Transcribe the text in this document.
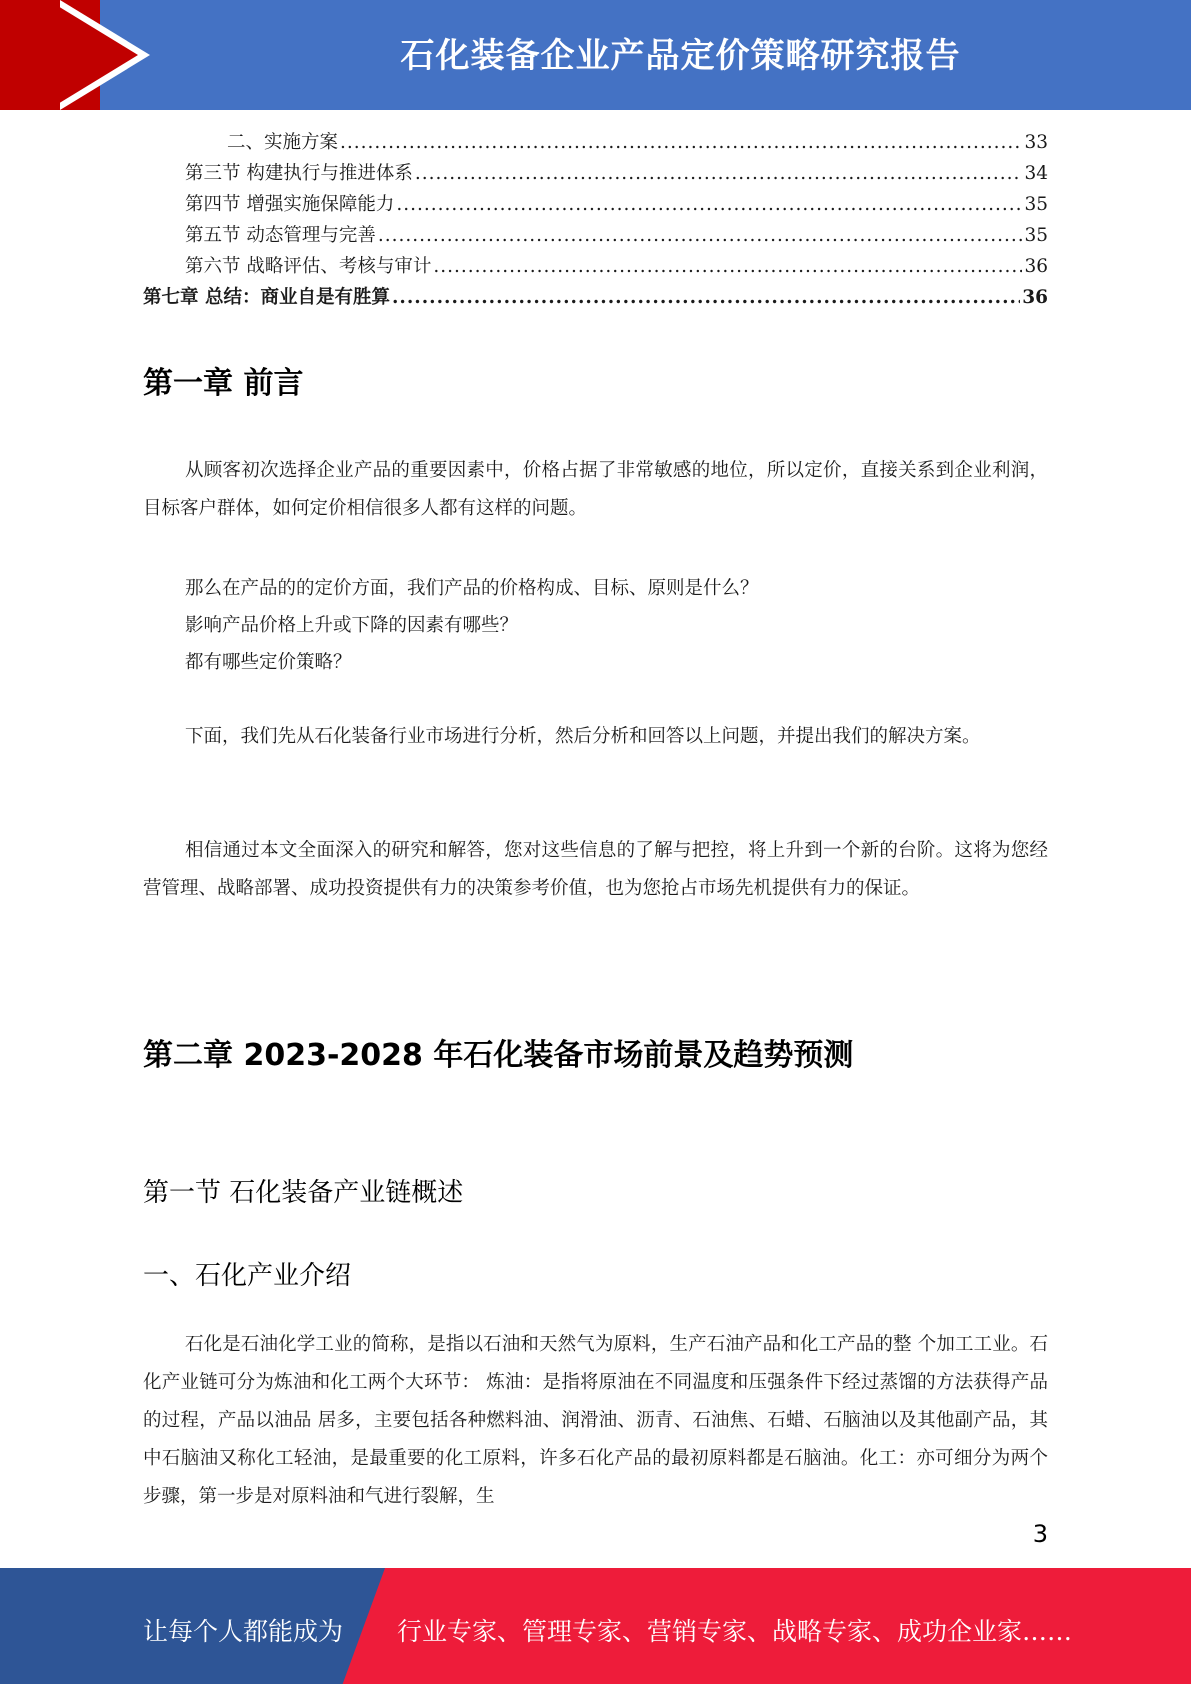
石化装备企业产品定价策略研究报告
二、实施方案 .....	33
第三节 构建执行与推进体系 .....	34
第四节 增强实施保障能力 .....	35
第五节 动态管理与完善 .....	35
第六节 战略评估、考核与审计 .....	36
第七章 总结：商业自是有胜算 .....	36
第一章 前言

从顾客初次选择企业产品的重要因素中，价格占据了非常敏感的地位，所以定价，直接关系到企业利润，目标客户群体，如何定价相信很多人都有这样的问题。

那么在产品的的定价方面，我们产品的价格构成、目标、原则是什么？

影响产品价格上升或下降的因素有哪些？

都有哪些定价策略？

下面，我们先从石化装备行业市场进行分析，然后分析和回答以上问题，并提出我们的解决方案。

相信通过本文全面深入的研究和解答，您对这些信息的了解与把控，将上升到一个新的台阶。这将为您经营管理、战略部署、成功投资提供有力的决策参考价值，也为您抢占市场先机提供有力的保证。

第二章 2023-2028 年石化装备市场前景及趋势预测
第一节 石化装备产业链概述
一、石化产业介绍

石化是石油化学工业的简称，是指以石油和天然气为原料，生产石油产品和化工产品的整 个加工工业。石化产业链可分为炼油和化工两个大环节： 炼油：是指将原油在不同温度和压强条件下经过蒸馏的方法获得产品的过程，产品以油品 居多，主要包括各种燃料油、润滑油、沥青、石油焦、石蜡、石脑油以及其他副产品，其 中石脑油又称化工轻油，是最重要的化工原料，许多石化产品的最初原料都是石脑油。化工：亦可细分为两个步骤，第一步是对原料油和气进行裂解，生

3
让每个人都能成为 行业专家、管理专家、营销专家、战略专家、成功企业家……
